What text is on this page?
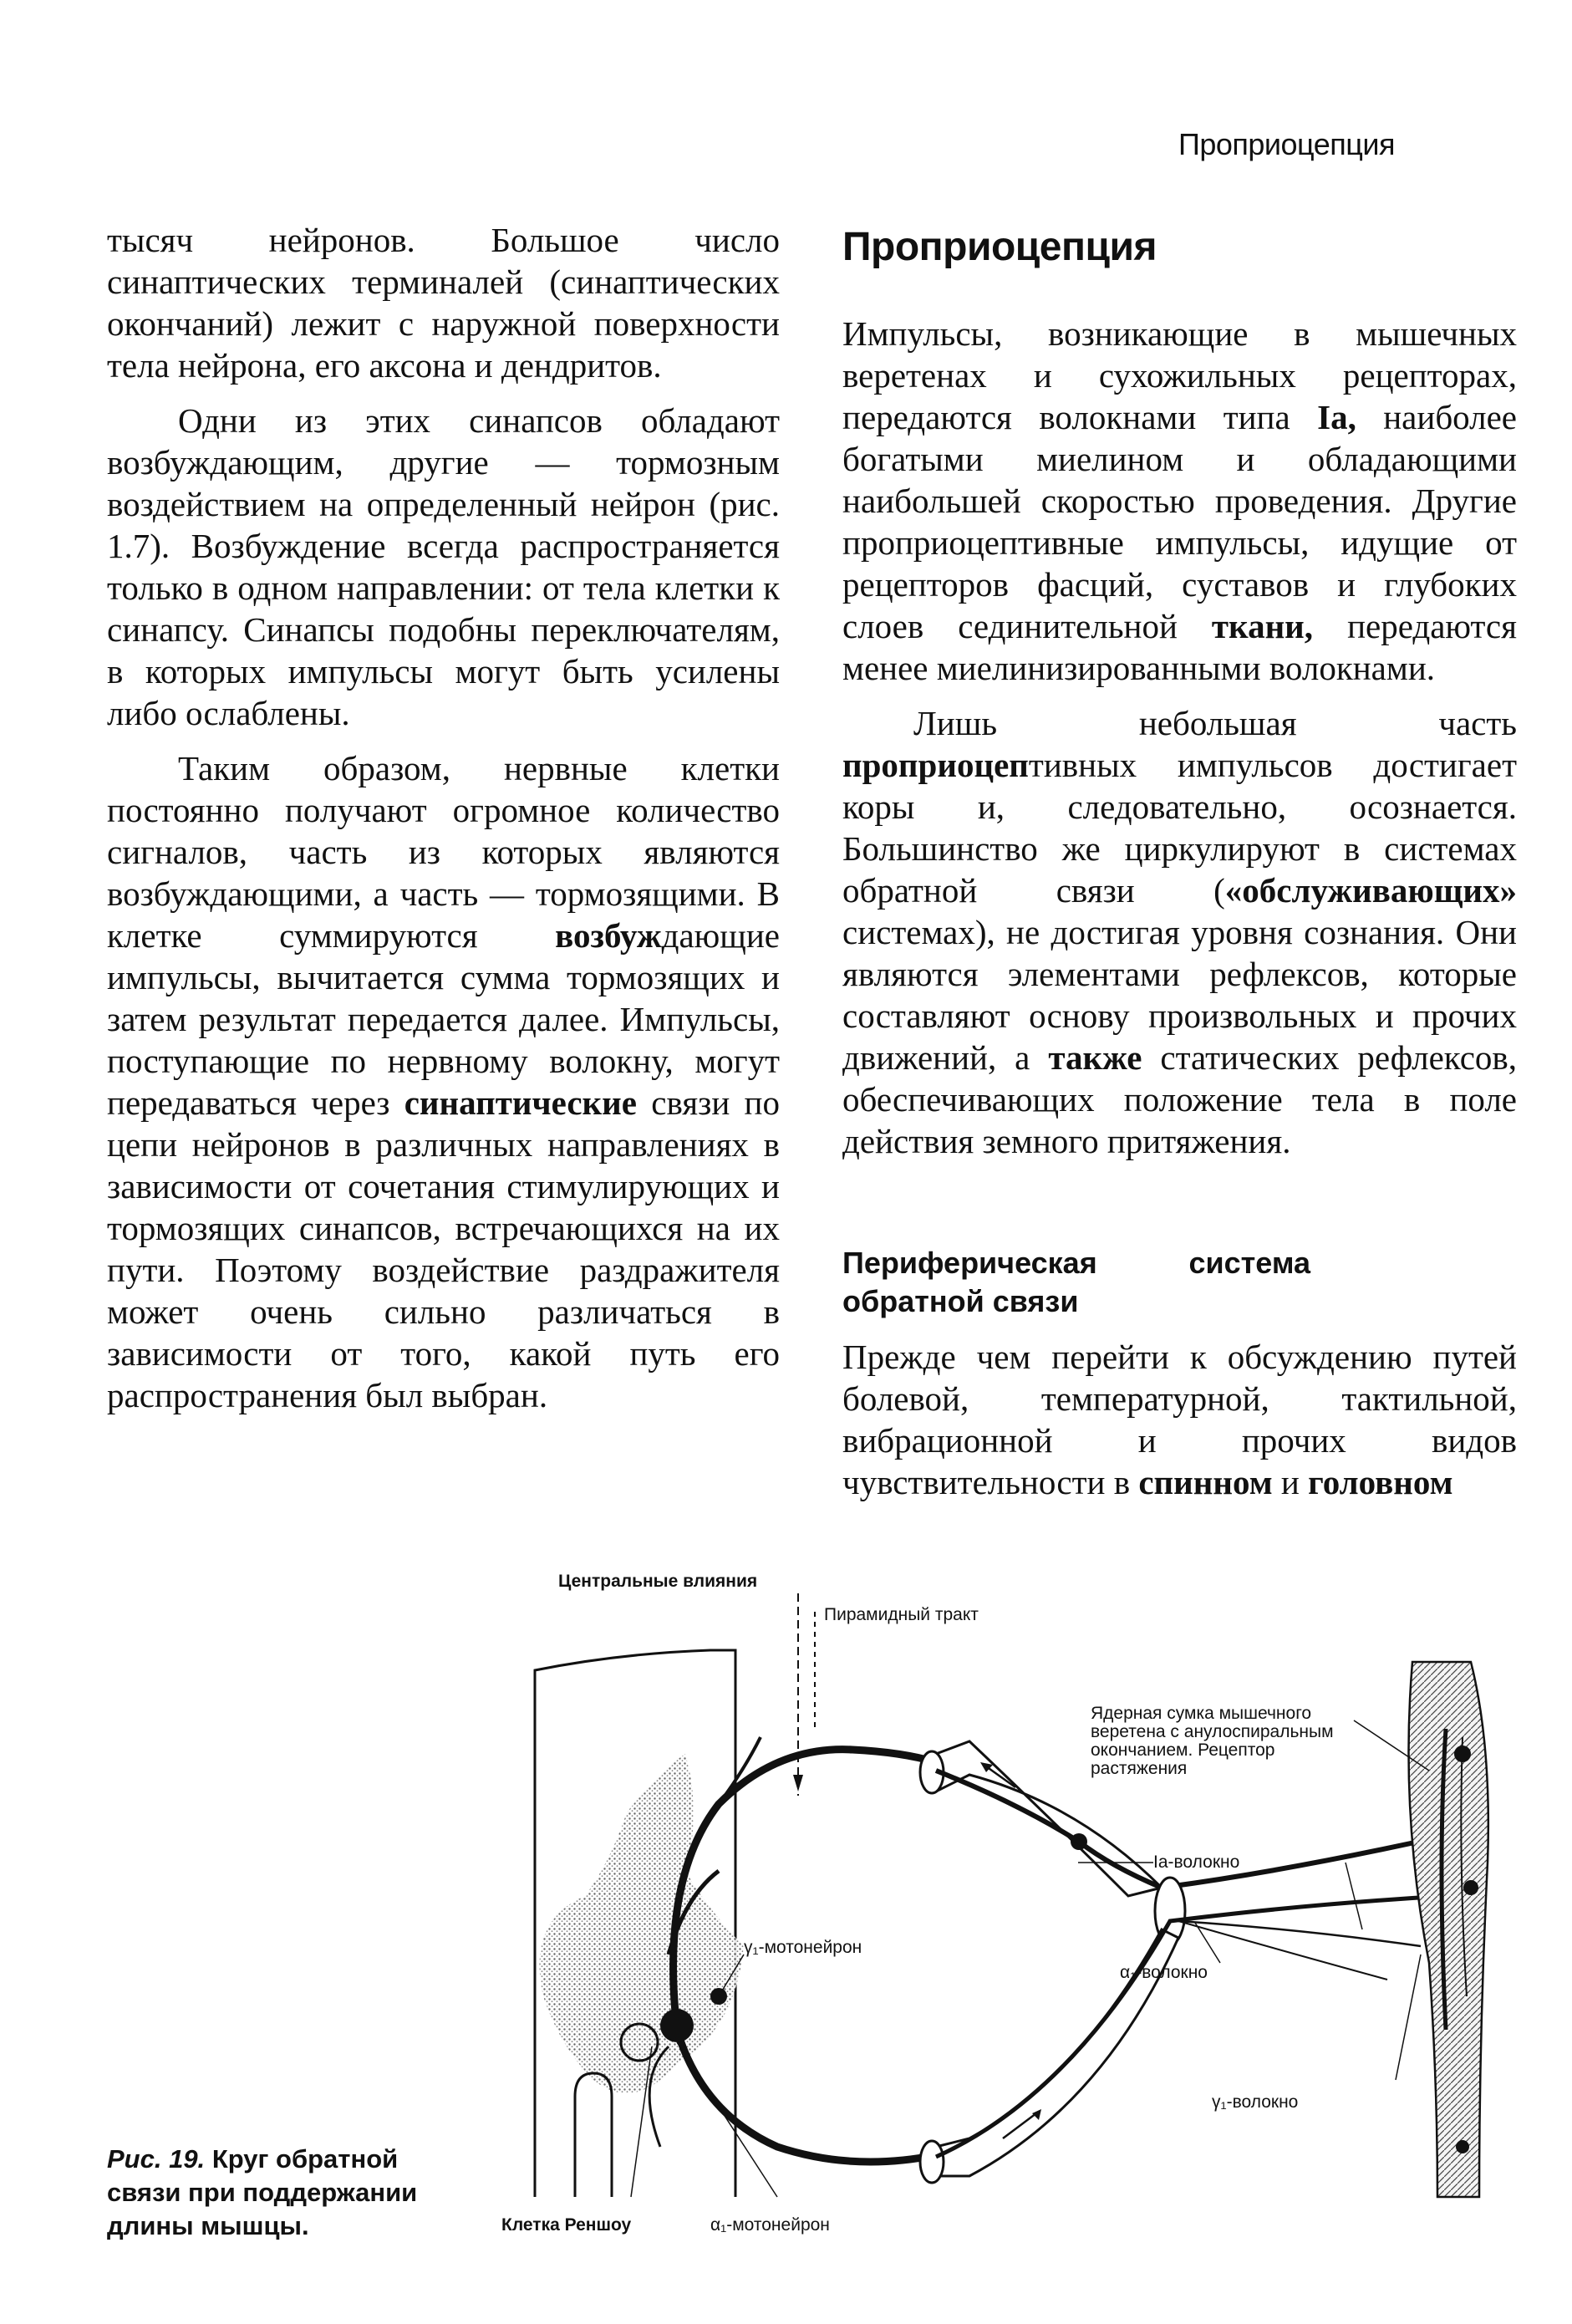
Проприоцепция

тысяч нейронов. Большое число синаптических терминалей (синаптических окончаний) лежит с наружной поверхности тела нейрона, его аксона и дендритов.

Одни из этих синапсов обладают возбуждающим, другие — тормозным воздействием на определенный нейрон (рис. 1.7). Возбуждение всегда распространяется только в одном направлении: от тела клетки к синапсу. Синапсы подобны переключателям, в которых импульсы могут быть усилены либо ослаблены.

Таким образом, нервные клетки постоянно получают огромное количество сигналов, часть из которых являются возбуждающими, а часть — тормозящими. В клетке суммируются возбуждающие импульсы, вычитается сумма тормозящих и затем результат передается далее. Импульсы, поступающие по нервному волокну, могут передаваться через синаптические связи по цепи нейронов в различных направлениях в зависимости от сочетания стимулирующих и тормозящих синапсов, встречающихся на их пути. Поэтому воздействие раздражителя может очень сильно различаться в зависимости от того, какой путь его распространения был выбран.

Проприоцепция

Импульсы, возникающие в мышечных веретенах и сухожильных рецепторах, передаются волокнами типа Ia, наиболее богатыми миелином и обладающими наибольшей скоростью проведения. Другие проприоцептивные импульсы, идущие от рецепторов фасций, суставов и глубоких слоев сединительной ткани, передаются менее миелинизированными волокнами.

Лишь небольшая часть проприоцептивных импульсов достигает коры и, следовательно, осознается. Большинство же циркулируют в системах обратной связи («обслуживающих» системах), не достигая уровня сознания. Они являются элементами рефлексов, которые составляют основу произвольных и прочих движений, а также статических рефлексов, обеспечивающих положение тела в поле действия земного притяжения.

Периферическая система обратной связи

Прежде чем перейти к обсуждению путей болевой, температурной, тактильной, вибрационной и прочих видов чувствительности в спинном и головном

Центральные влияния
Пирамидный тракт
Ядерная сумка мышечного
веретена с анулоспиральным
окончанием. Рецептор
растяжения
Ia-волокно
γ₁-мотонейрон
α₁-волокно
γ₁-волокно
Клетка Реншоу	α₁-мотонейрон
Рис. 19. Круг обратной связи при поддержании длины мышцы.
